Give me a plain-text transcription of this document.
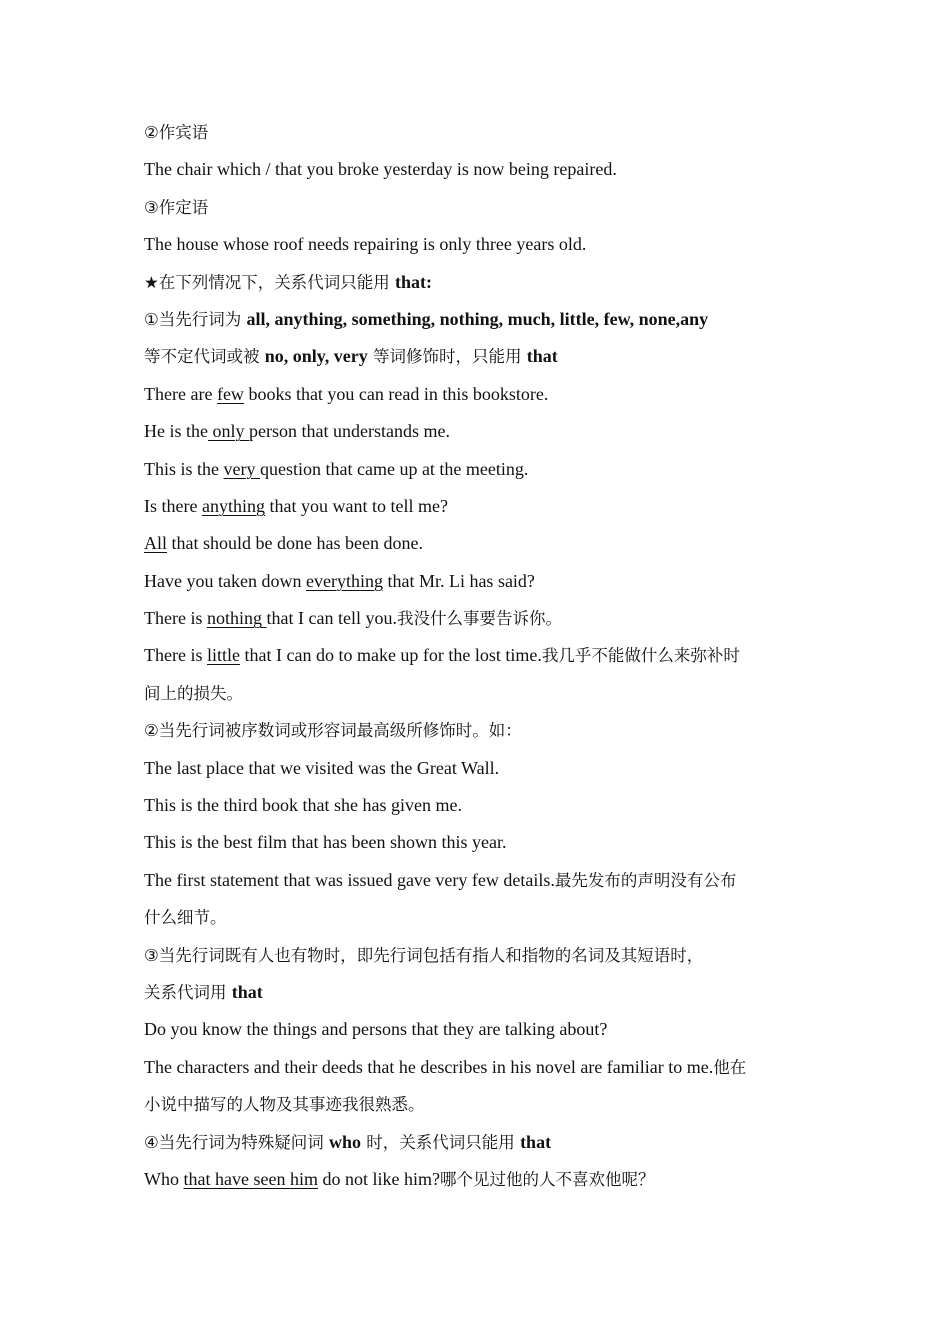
②作宾语
The chair which / that you broke yesterday is now being repaired.
③作定语
The house whose roof needs repairing is only three years old.
★在下列情况下，关系代词只能用 that:
①当先行词为 all, anything, something, nothing, much, little, few, none,any
等不定代词或被 no, only, very 等词修饰时，只能用 that
There are few books that you can read in this bookstore.
He is the only person that understands me.
This is the very question that came up at the meeting.
Is there anything that you want to tell me?
All that should be done has been done.
Have you taken down everything that Mr. Li has said?
There is nothing that I can tell you.我没什么事要告诉你。
There is little that I can do to make up for the lost time.我几乎不能做什么来弥补时
间上的损失。
②当先行词被序数词或形容词最高级所修饰时。如：
The last place that we visited was the Great Wall.
This is the third book that she has given me.
This is the best film that has been shown this year.
The first statement that was issued gave very few details.最先发布的声明没有公布
什么细节。
③当先行词既有人也有物时，即先行词包括有指人和指物的名词及其短语时，
关系代词用 that
Do you know the things and persons that they are talking about?
The characters and their deeds that he describes in his novel are familiar to me.他在
小说中描写的人物及其事迹我很熟悉。
④当先行词为特殊疑问词 who 时，关系代词只能用 that
Who that have seen him do not like him?哪个见过他的人不喜欢他呢？
